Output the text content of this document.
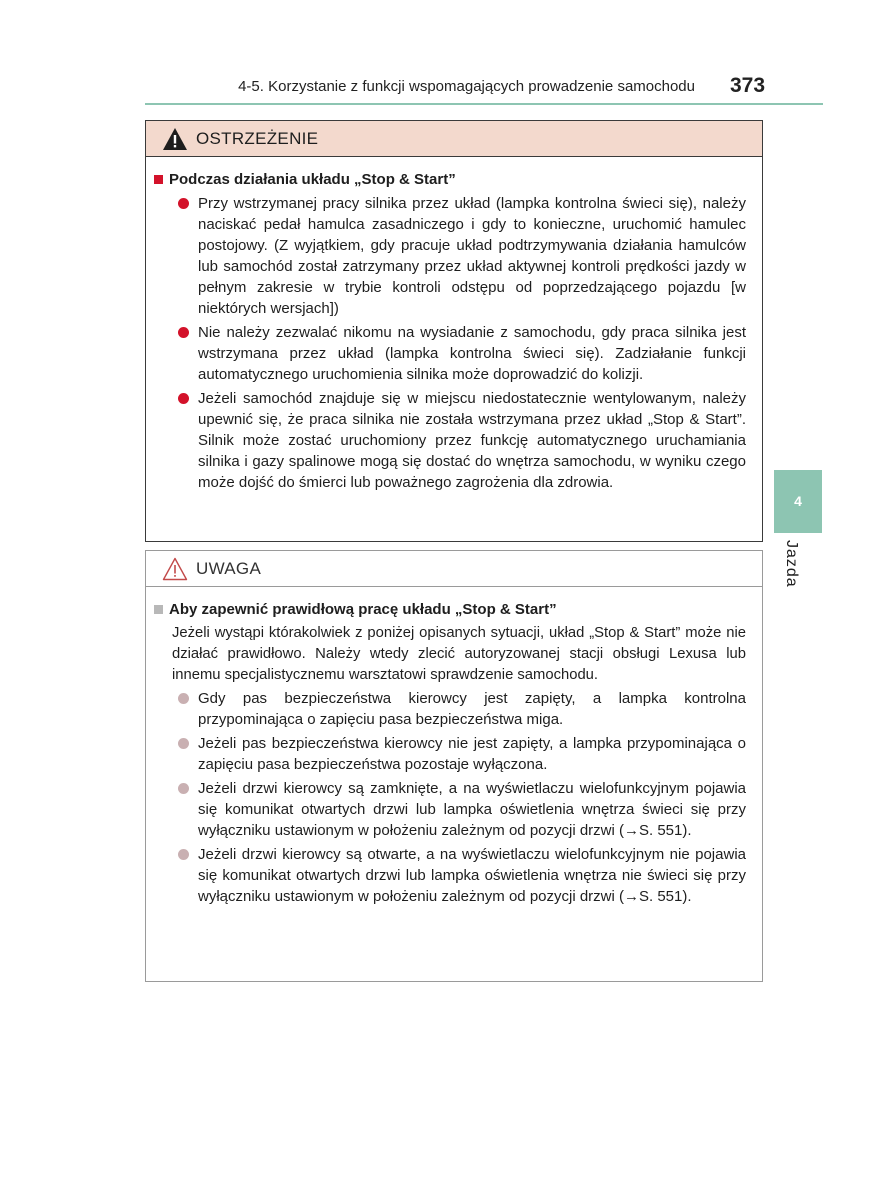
4-5. Korzystanie z funkcji wspomagających prowadzenie samochodu 373
4
Jazda
OSTRZEŻENIE
Podczas działania układu „Stop & Start”
Przy wstrzymanej pracy silnika przez układ (lampka kontrolna świeci się), należy naciskać pedał hamulca zasadniczego i gdy to konieczne, uruchomić hamulec postojowy. (Z wyjątkiem, gdy pracuje układ podtrzymywania działania hamulców lub samochód został zatrzymany przez układ aktywnej kontroli prędkości jazdy w pełnym zakresie w trybie kontroli odstępu od poprzedzającego pojazdu [w niektórych wersjach])
Nie należy zezwalać nikomu na wysiadanie z samochodu, gdy praca silnika jest wstrzymana przez układ (lampka kontrolna świeci się). Zadziałanie funkcji automatycznego uruchomienia silnika może doprowadzić do kolizji.
Jeżeli samochód znajduje się w miejscu niedostatecznie wentylowanym, należy upewnić się, że praca silnika nie została wstrzymana przez układ „Stop & Start”. Silnik może zostać uruchomiony przez funkcję automatycznego uruchamiania silnika i gazy spalinowe mogą się dostać do wnętrza samochodu, w wyniku czego może dojść do śmierci lub poważnego zagrożenia dla zdrowia.
UWAGA
Aby zapewnić prawidłową pracę układu „Stop & Start”
Jeżeli wystąpi którakolwiek z poniżej opisanych sytuacji, układ „Stop & Start” może nie działać prawidłowo. Należy wtedy zlecić autoryzowanej stacji obsługi Lexusa lub innemu specjalistycznemu warsztatowi sprawdzenie samochodu.
Gdy pas bezpieczeństwa kierowcy jest zapięty, a lampka kontrolna przypominająca o zapięciu pasa bezpieczeństwa miga.
Jeżeli pas bezpieczeństwa kierowcy nie jest zapięty, a lampka przypominająca o zapięciu pasa bezpieczeństwa pozostaje wyłączona.
Jeżeli drzwi kierowcy są zamknięte, a na wyświetlaczu wielofunkcyjnym pojawia się komunikat otwartych drzwi lub lampka oświetlenia wnętrza świeci się przy wyłączniku ustawionym w położeniu zależnym od pozycji drzwi (→S. 551).
Jeżeli drzwi kierowcy są otwarte, a na wyświetlaczu wielofunkcyjnym nie pojawia się komunikat otwartych drzwi lub lampka oświetlenia wnętrza nie świeci się przy wyłączniku ustawionym w położeniu zależnym od pozycji drzwi (→S. 551).
